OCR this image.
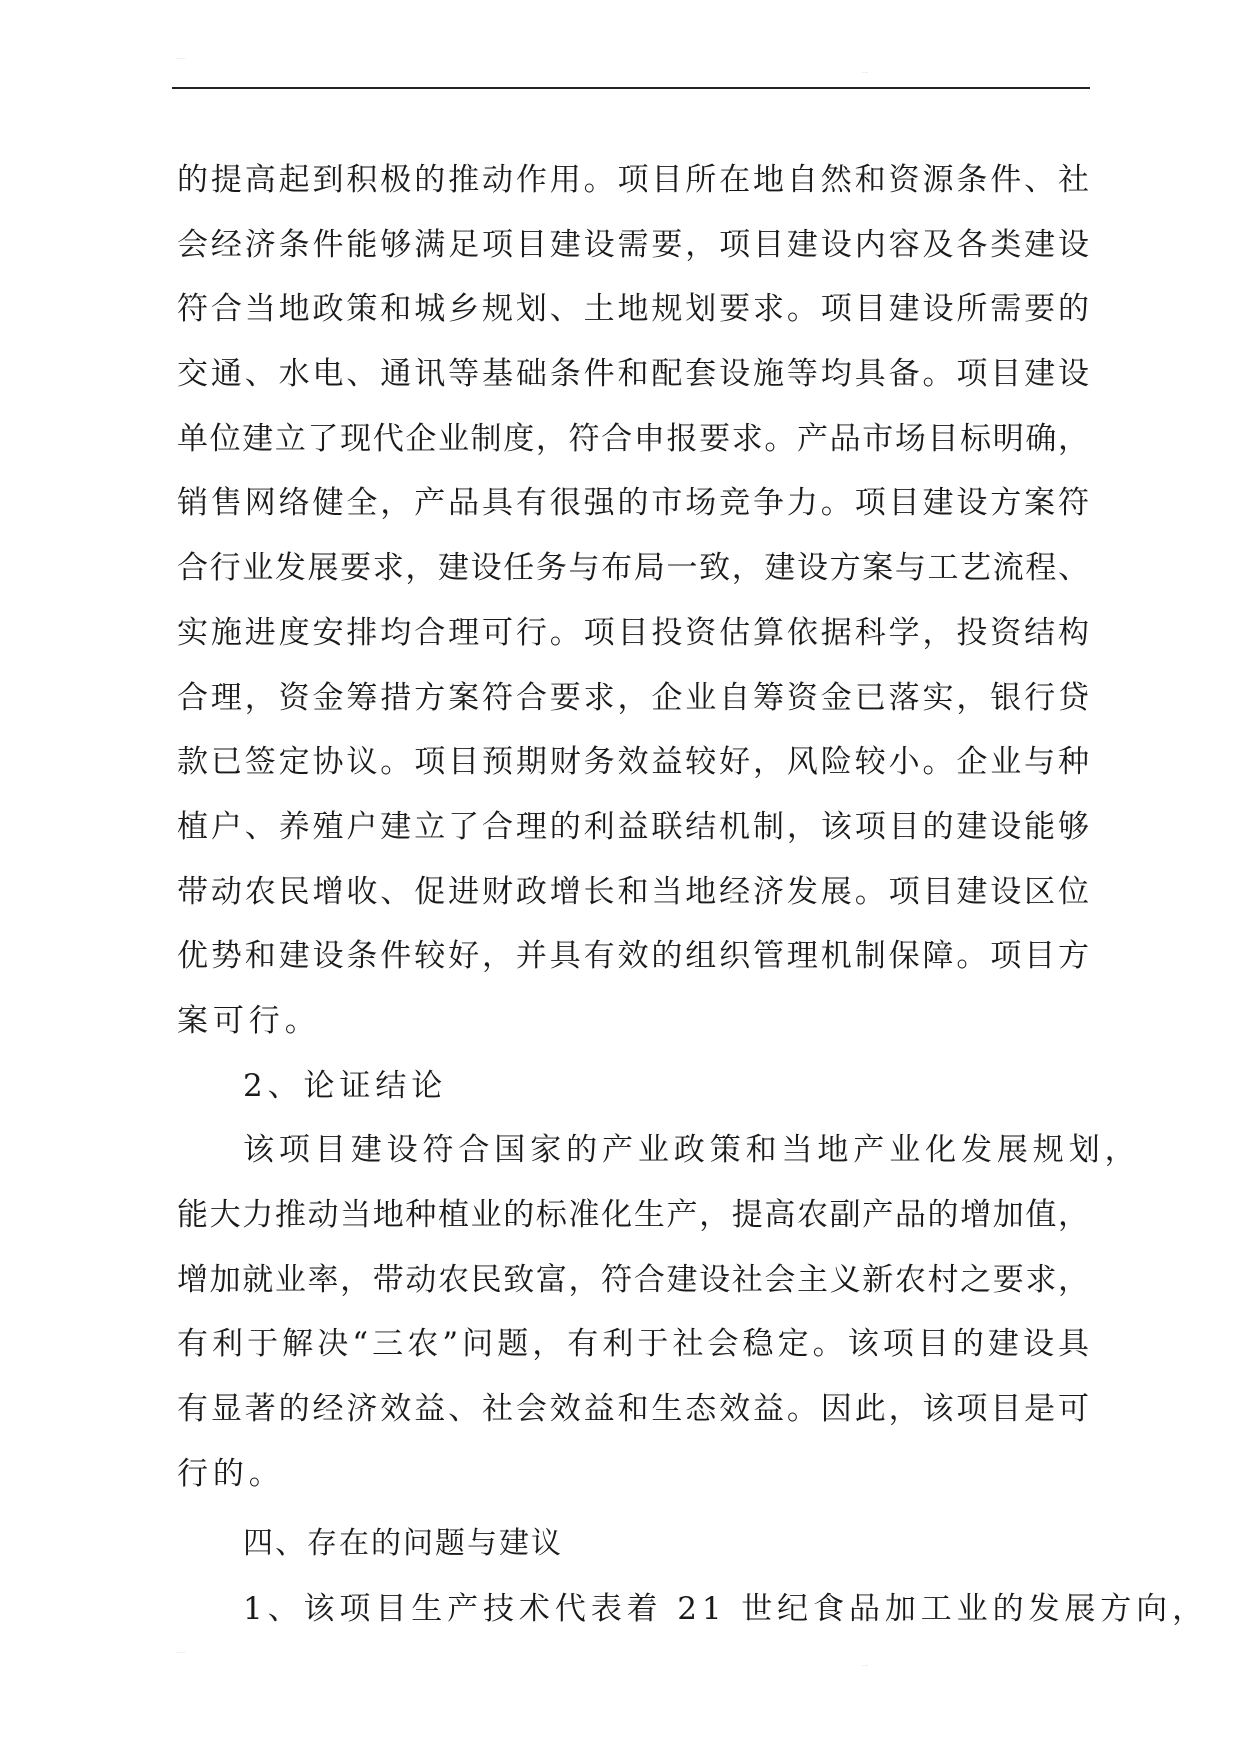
·······
·····
的提高起到积极的推动作用。项目所在地自然和资源条件、社
会经济条件能够满足项目建设需要，项目建设内容及各类建设
符合当地政策和城乡规划、土地规划要求。项目建设所需要的
交通、水电、通讯等基础条件和配套设施等均具备。项目建设
单位建立了现代企业制度，符合申报要求。产品市场目标明确，
销售网络健全，产品具有很强的市场竞争力。项目建设方案符
合行业发展要求，建设任务与布局一致，建设方案与工艺流程、
实施进度安排均合理可行。项目投资估算依据科学，投资结构
合理，资金筹措方案符合要求，企业自筹资金已落实，银行贷
款已签定协议。项目预期财务效益较好，风险较小。企业与种
植户、养殖户建立了合理的利益联结机制，该项目的建设能够
带动农民增收、促进财政增长和当地经济发展。项目建设区位
优势和建设条件较好，并具有效的组织管理机制保障。项目方
案可行。
2、论证结论
该项目建设符合国家的产业政策和当地产业化发展规划，
能大力推动当地种植业的标准化生产，提高农副产品的增加值，
增加就业率，带动农民致富，符合建设社会主义新农村之要求，
有利于解决“三农”问题，有利于社会稳定。该项目的建设具
有显著的经济效益、社会效益和生态效益。因此，该项目是可
行的。
四、存在的问题与建议
1、该项目生产技术代表着 21 世纪食品加工业的发展方向，
·······
·····
